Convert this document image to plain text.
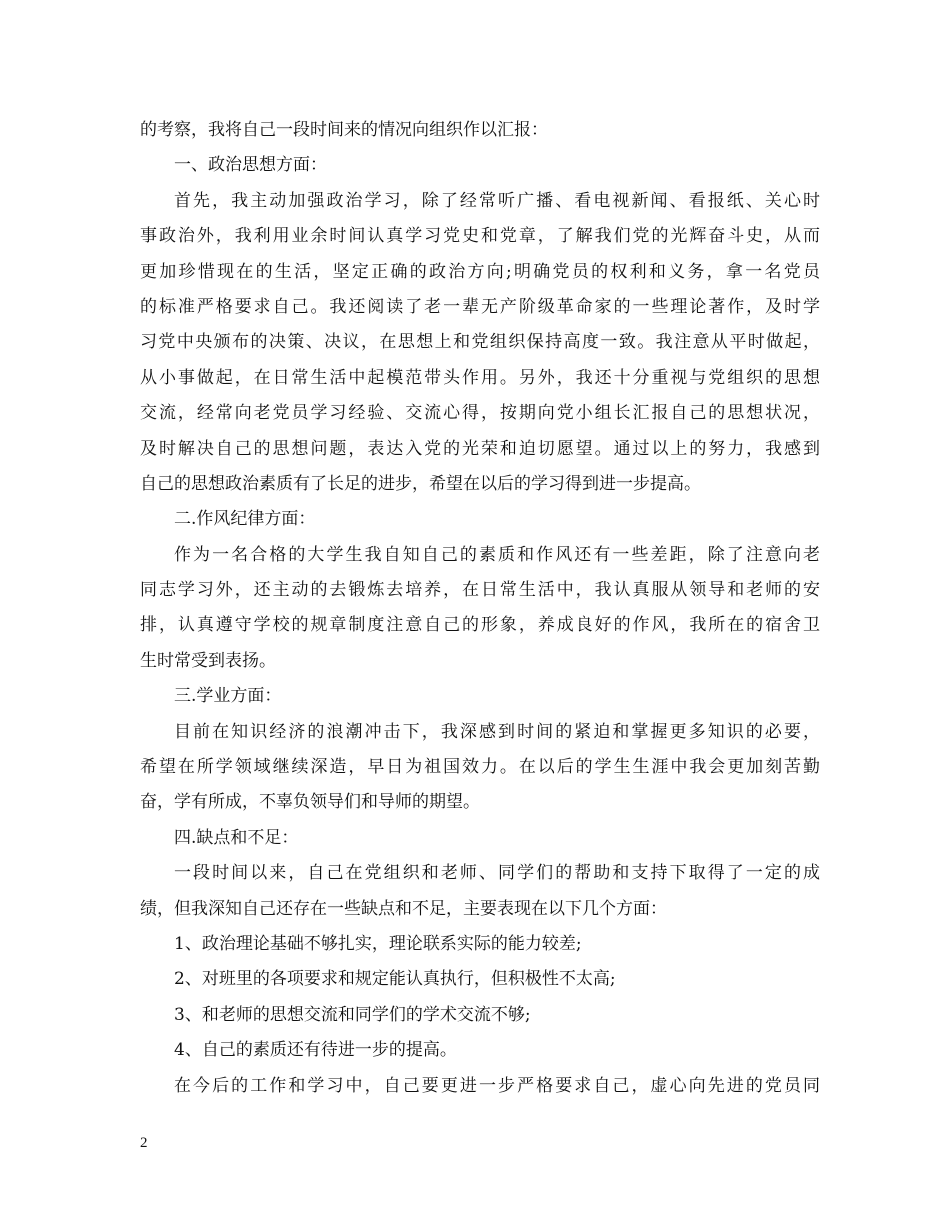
的考察，我将自己一段时间来的情况向组织作以汇报：
一、政治思想方面：
首先，我主动加强政治学习，除了经常听广播、看电视新闻、看报纸、关心时
事政治外，我利用业余时间认真学习党史和党章，了解我们党的光辉奋斗史，从而
更加珍惜现在的生活，坚定正确的政治方向;明确党员的权利和义务，拿一名党员
的标准严格要求自己。我还阅读了老一辈无产阶级革命家的一些理论著作，及时学
习党中央颁布的决策、决议，在思想上和党组织保持高度一致。我注意从平时做起，
从小事做起，在日常生活中起模范带头作用。另外，我还十分重视与党组织的思想
交流，经常向老党员学习经验、交流心得，按期向党小组长汇报自己的思想状况，
及时解决自己的思想问题，表达入党的光荣和迫切愿望。通过以上的努力，我感到
自己的思想政治素质有了长足的进步，希望在以后的学习得到进一步提高。
二.作风纪律方面：
作为一名合格的大学生我自知自己的素质和作风还有一些差距，除了注意向老
同志学习外，还主动的去锻炼去培养，在日常生活中，我认真服从领导和老师的安
排，认真遵守学校的规章制度注意自己的形象，养成良好的作风，我所在的宿舍卫
生时常受到表扬。
三.学业方面：
目前在知识经济的浪潮冲击下，我深感到时间的紧迫和掌握更多知识的必要，
希望在所学领域继续深造，早日为祖国效力。在以后的学生生涯中我会更加刻苦勤
奋，学有所成，不辜负领导们和导师的期望。
四.缺点和不足：
一段时间以来，自己在党组织和老师、同学们的帮助和支持下取得了一定的成
绩，但我深知自己还存在一些缺点和不足，主要表现在以下几个方面：
1、政治理论基础不够扎实，理论联系实际的能力较差;
2、对班里的各项要求和规定能认真执行，但积极性不太高;
3、和老师的思想交流和同学们的学术交流不够;
4、自己的素质还有待进一步的提高。
在今后的工作和学习中，自己要更进一步严格要求自己，虚心向先进的党员同
2
